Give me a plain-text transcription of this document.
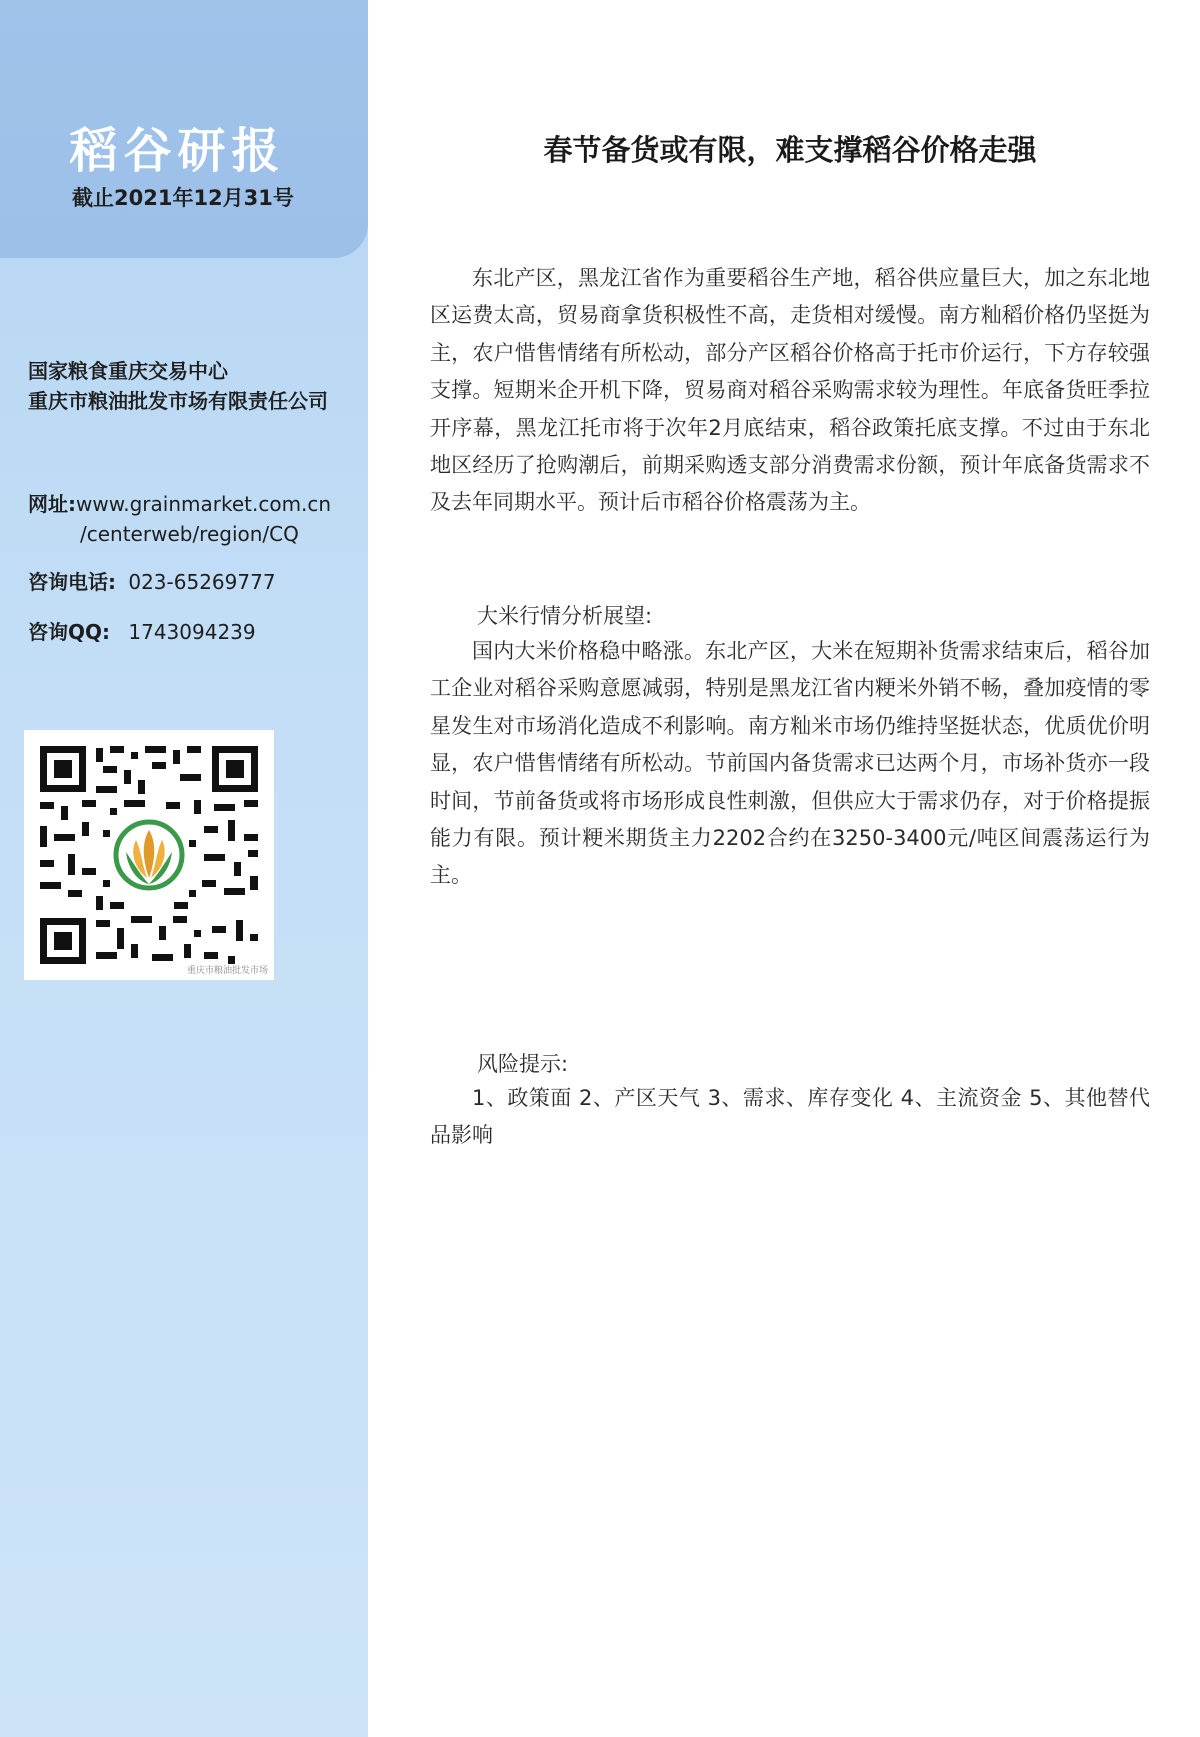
稻谷研报
截止2021年12月31号
国家粮食重庆交易中心
重庆市粮油批发市场有限责任公司
网址:www.grainmarket.com.cn
/centerweb/region/CQ
咨询电话: 023-65269777
咨询QQ: 1743094239
重庆市粮油批发市场
春节备货或有限，难支撑稻谷价格走强
东北产区，黑龙江省作为重要稻谷生产地，稻谷供应量巨大，加之东北地区运费太高，贸易商拿货积极性不高，走货相对缓慢。南方籼稻价格仍坚挺为主，农户惜售情绪有所松动，部分产区稻谷价格高于托市价运行，下方存较强支撑。短期米企开机下降，贸易商对稻谷采购需求较为理性。年底备货旺季拉开序幕，黑龙江托市将于次年2月底结束，稻谷政策托底支撑。不过由于东北地区经历了抢购潮后，前期采购透支部分消费需求份额，预计年底备货需求不及去年同期水平。预计后市稻谷价格震荡为主。
大米行情分析展望:
国内大米价格稳中略涨。东北产区，大米在短期补货需求结束后，稻谷加工企业对稻谷采购意愿减弱，特别是黑龙江省内粳米外销不畅，叠加疫情的零星发生对市场消化造成不利影响。南方籼米市场仍维持坚挺状态，优质优价明显，农户惜售情绪有所松动。节前国内备货需求已达两个月，市场补货亦一段时间，节前备货或将市场形成良性刺激，但供应大于需求仍存，对于价格提振能力有限。预计粳米期货主力2202合约在3250-3400元/吨区间震荡运行为主。
风险提示:
1、政策面 2、产区天气 3、需求、库存变化 4、主流资金 5、其他替代品影响
